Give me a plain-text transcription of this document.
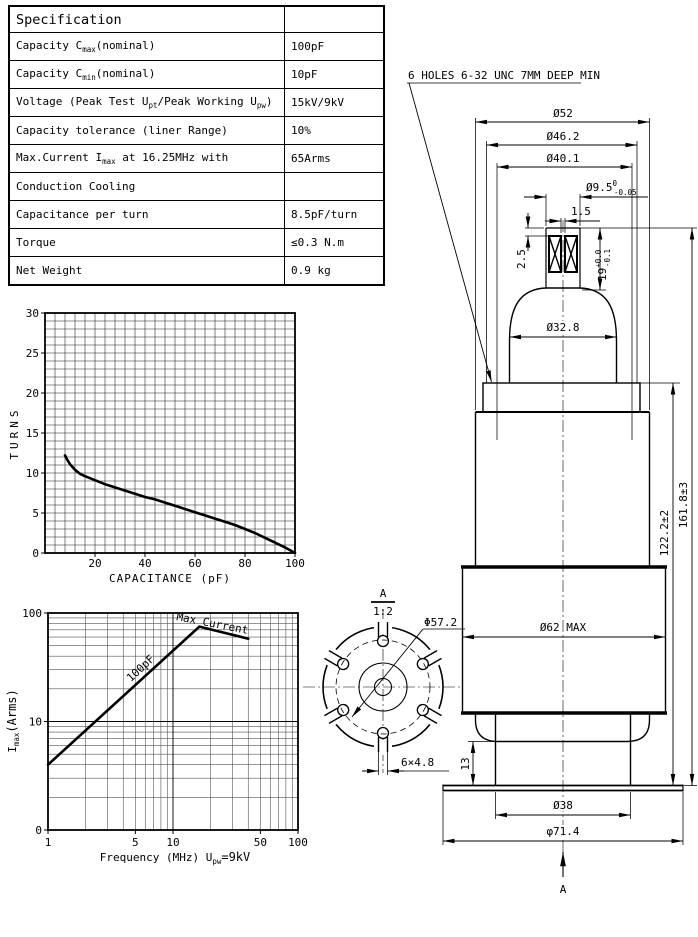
Specification	
Capacity $C_{max}(nominal)$	100pF
Capacity $C_{min}(nominal)$	10pF
Voltage (Peak Test $U_{pt}$/Peak Working $U_{pw}$)	15kV/9kV
Capacity tolerance (liner Range)	10%
Max.Current $I_{max}$ at 16.25MHz with	65Arms
Conduction Cooling	
Capacitance per turn	8.5pF/turn
Torque	≤0.3 N.m
Net Weight	0.9 kg
20	40	60	80	100
0
5
10
15
20
25
30
CAPACITANCE (pF)
TURNS
1	5	10	50 100
100
10
0
Frequency (MHz) $U_{pw}=9kV$
$I_{max}(Arms)$
Max Current
100pF
A
1:2
Φ57.2
6×4.8
6 HOLES 6-32 UNC 7MM DEEP MIN
Ø52
Ø46.2
Ø40.1
$Ø9.5^0$ -0.05
1.5
2.5
$19^{+0.0}-0.1$
Ø32.8
Ø62 MAX
13
Ø38
φ71.4
A
122.2±2
161.8±3
